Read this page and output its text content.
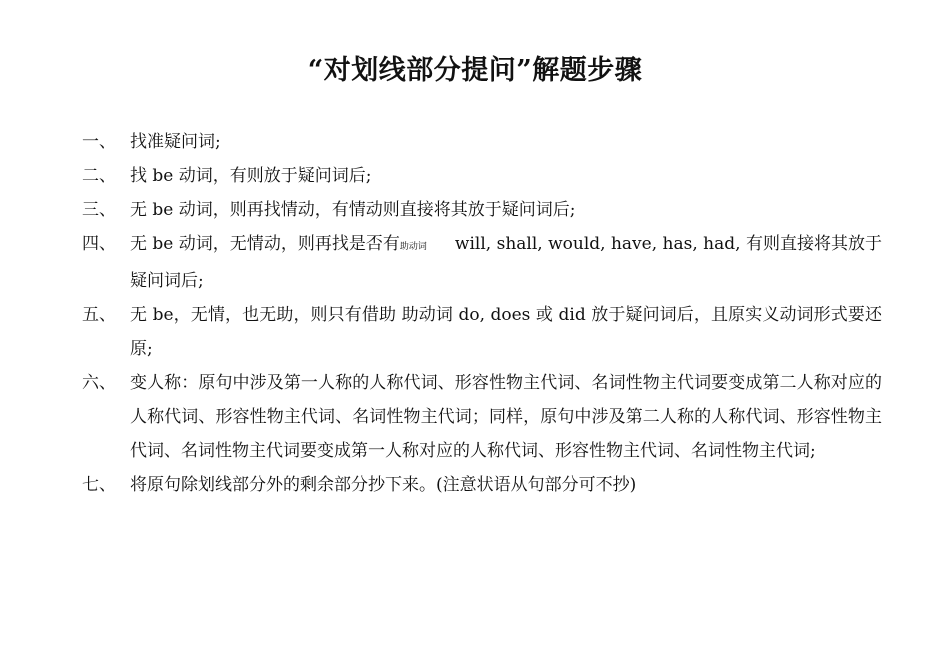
“对划线部分提问”解题步骤
一、 找准疑问词;
二、 找 be 动词，有则放于疑问词后;
三、 无 be 动词，则再找情动，有情动则直接将其放于疑问词后;
四、 无 be 动词，无情动，则再找是否有助动词 will, shall, would, have, has, had, 有则直接将其放于疑问词后;
五、 无 be，无情，也无助，则只有借助 助动词 do, does 或 did 放于疑问词后，且原实义动词形式要还原;
六、 变人称：原句中涉及第一人称的人称代词、形容性物主代词、名词性物主代词要变成第二人称对应的人称代词、形容性物主代词、名词性物主代词；同样，原句中涉及第二人称的人称代词、形容性物主代词、名词性物主代词要变成第一人称对应的人称代词、形容性物主代词、名词性物主代词;
七、 将原句除划线部分外的剩余部分抄下来。(注意状语从句部分可不抄)
